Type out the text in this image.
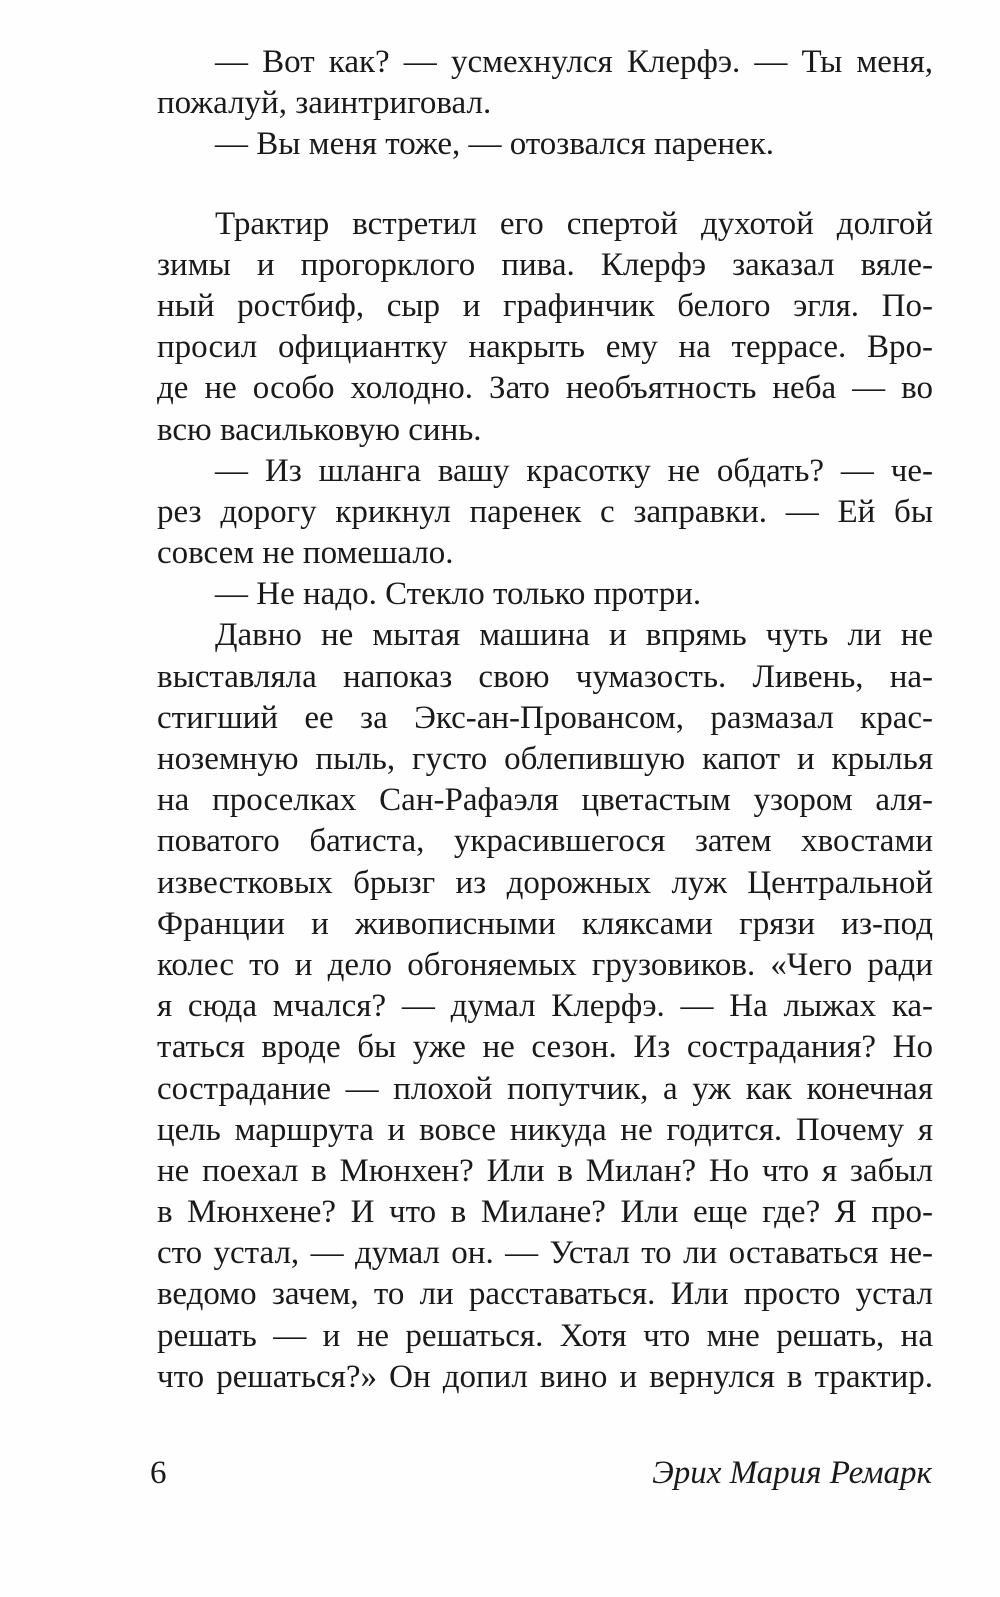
— Вот как? — усмехнулся Клерфэ. — Ты меня,
пожалуй, заинтриговал.
— Вы меня тоже, — отозвался паренек.
Трактир встретил его спертой духотой долгой
зимы и прогорклого пива. Клерфэ заказал вяле-
ный ростбиф, сыр и графинчик белого эгля. По-
просил официантку накрыть ему на террасе. Вро-
де не особо холодно. Зато необъятность неба — во
всю васильковую синь.
— Из шланга вашу красотку не обдать? — че-
рез дорогу крикнул паренек с заправки. — Ей бы
совсем не помешало.
— Не надо. Стекло только протри.
Давно не мытая машина и впрямь чуть ли не
выставляла напоказ свою чумазость. Ливень, на-
стигший ее за Экс-ан-Провансом, размазал крас-
ноземную пыль, густо облепившую капот и крылья
на проселках Сан-Рафаэля цветастым узором аля-
поватого батиста, украсившегося затем хвостами
известковых брызг из дорожных луж Центральной
Франции и живописными кляксами грязи из-под
колес то и дело обгоняемых грузовиков. «Чего ради
я сюда мчался? — думал Клерфэ. — На лыжах ка-
таться вроде бы уже не сезон. Из сострадания? Но
сострадание — плохой попутчик, а уж как конечная
цель маршрута и вовсе никуда не годится. Почему я
не поехал в Мюнхен? Или в Милан? Но что я забыл
в Мюнхене? И что в Милане? Или еще где? Я про-
сто устал, — думал он. — Устал то ли оставаться не-
ведомо зачем, то ли расставаться. Или просто устал
решать — и не решаться. Хотя что мне решать, на
что решаться?» Он допил вино и вернулся в трактир.
6	Эрих Мария Ремарк
